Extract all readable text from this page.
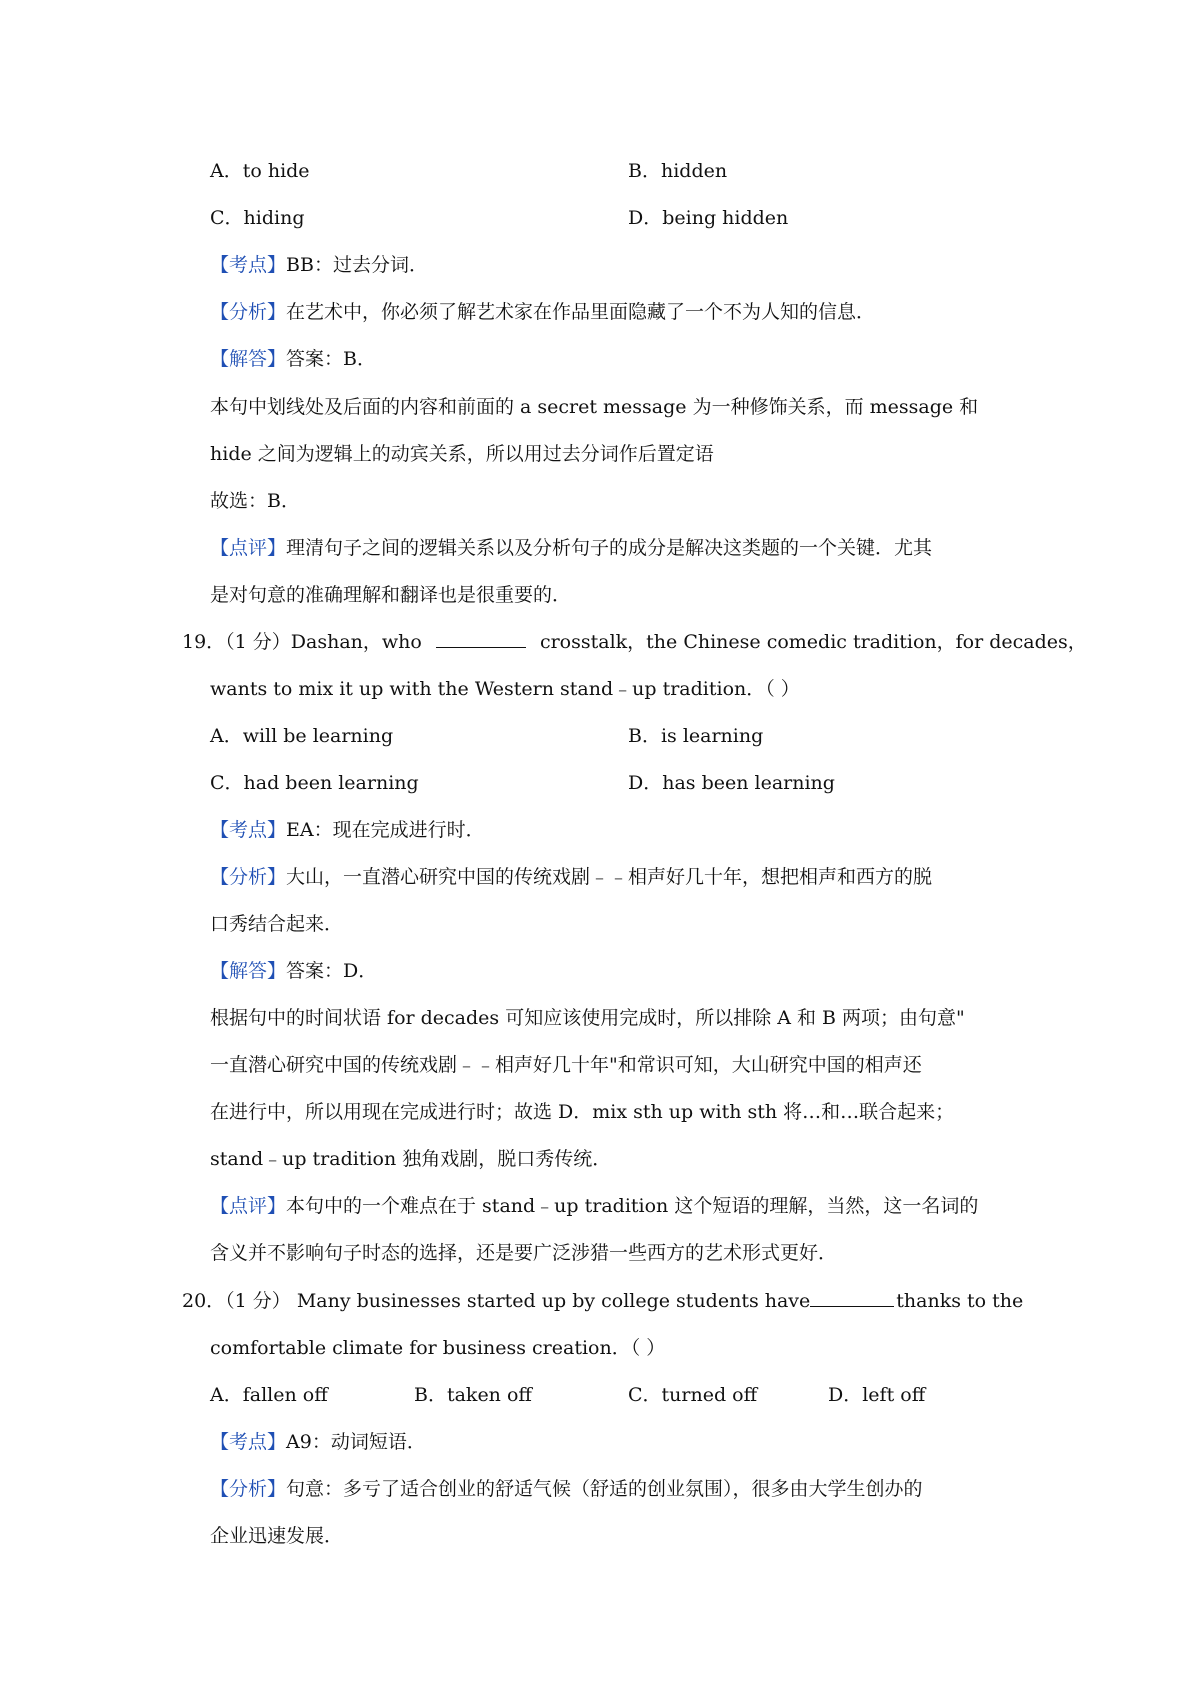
A．to hide	B．hidden
C．hiding	D．being hidden
【考点】BB：过去分词．
【分析】在艺术中，你必须了解艺术家在作品里面隐藏了一个不为人知的信息．
【解答】答案：B．
本句中划线处及后面的内容和前面的 a secret message 为一种修饰关系，而 message 和
hide 之间为逻辑上的动宾关系，所以用过去分词作后置定语
故选：B．
【点评】理清句子之间的逻辑关系以及分析句子的成分是解决这类题的一个关键．尤其
是对句意的准确理解和翻译也是很重要的．
19．（1 分）Dashan，who	crosstalk，the Chinese comedic tradition，for decades，
wants to mix it up with the Western stand﹣up tradition．（ ）
A．will be learning	B．is learning
C．had been learning	D．has been learning
【考点】EA：现在完成进行时．
【分析】大山，一直潜心研究中国的传统戏剧﹣﹣相声好几十年，想把相声和西方的脱
口秀结合起来．
【解答】答案：D．
根据句中的时间状语 for decades 可知应该使用完成时，所以排除 A 和 B 两项；由句意"
一直潜心研究中国的传统戏剧﹣﹣相声好几十年"和常识可知，大山研究中国的相声还
在进行中，所以用现在完成进行时；故选 D．mix sth up with sth 将…和…联合起来；
stand﹣up tradition 独角戏剧，脱口秀传统．
【点评】本句中的一个难点在于 stand﹣up tradition 这个短语的理解，当然，这一名词的
含义并不影响句子时态的选择，还是要广泛涉猎一些西方的艺术形式更好．
20．（1 分） Many businesses started up by college students have	thanks to the
comfortable climate for business creation．（ ）
A．fallen off	B．taken off	C．turned off	D．left off
【考点】A9：动词短语．
【分析】句意：多亏了适合创业的舒适气候（舒适的创业氛围），很多由大学生创办的
企业迅速发展．
